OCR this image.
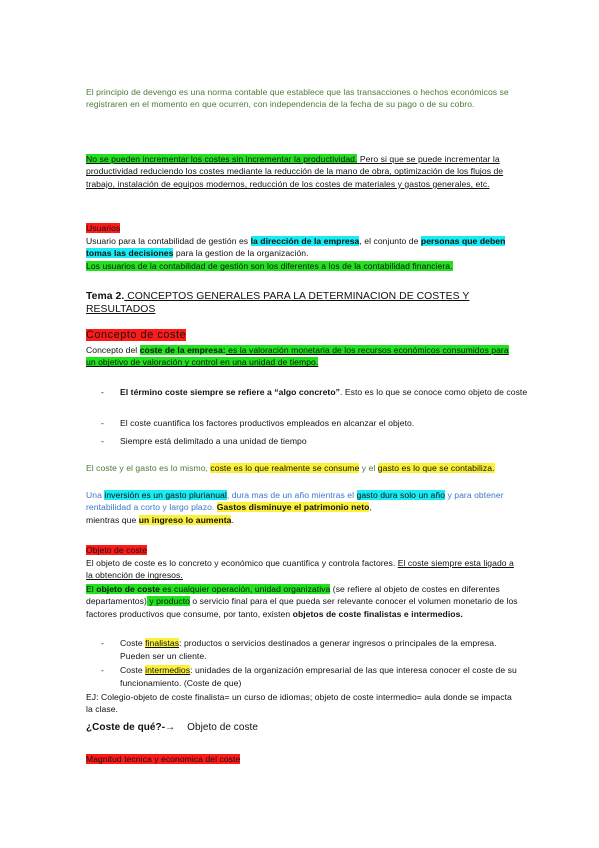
El principio de devengo es una norma contable que establece que las transacciones o hechos económicos se registraren en el momento en que ocurren, con independencia de la fecha de su pago o de su cobro.

No se pueden incrementar los costes sin incrementar la productividad. Pero si que se puede incrementar la productividad reduciendo los costes mediante la reducción de la mano de obra, optimización de los flujos de trabajo, instalación de equipos modernos, reducción de los costes de materiales y gastos generales, etc.

Usuarios

Usuario para la contabilidad de gestión es la dirección de la empresa, el conjunto de personas que deben tomas las decisiones para la gestion de la organización.
Los usuarios de la contabilidad de gestión son los diferentes a los de la contabilidad financiera.

Tema 2. CONCEPTOS GENERALES PARA LA DETERMINACION DE COSTES Y RESULTADOS

Concepto de coste

Concepto del coste de la empresa: es la valoración monetaria de los recursos económicos consumidos para un objetivo de valoración y control en una unidad de tiempo.

- El término coste siempre se refiere a “algo concreto”. Esto es lo que se conoce como objeto de coste
- El coste cuantifica los factores productivos empleados en alcanzar el objeto.
- Siempre está delimitado a una unidad de tiempo

El coste y el gasto es lo mismo, coste es lo que realmente se consume y el gasto es lo que se contabiliza.

Una inversión es un gasto plurianual, dura mas de un año mientras el gasto dura solo un año y para obtener rentabilidad a corto y largo plazo. Gastos disminuye el patrimonio neto,
mientras que un ingreso lo aumenta.

Objeto de coste

El objeto de coste es lo concreto y económico que cuantifica y controla factores. El coste siempre esta ligado a la obtención de ingresos.

El objeto de coste es cualquier operación, unidad organizativa (se refiere al objeto de costes en diferentes departamentos) y producto o servicio final para el que pueda ser relevante conocer el volumen monetario de los factores productivos que consume, por tanto, existen objetos de coste finalistas e intermedios.

- Coste finalistas: productos o servicios destinados a generar ingresos o principales de la empresa. Pueden ser un cliente.
- Coste intermedios: unidades de la organización empresarial de las que interesa conocer el coste de su funcionamiento. (Coste de que)

EJ: Colegio-objeto de coste finalista= un curso de idiomas; objeto de coste intermedio= aula donde se impacta la clase.

¿Coste de qué?-→ Objeto de coste

Magnitud tecnica y economica del coste
